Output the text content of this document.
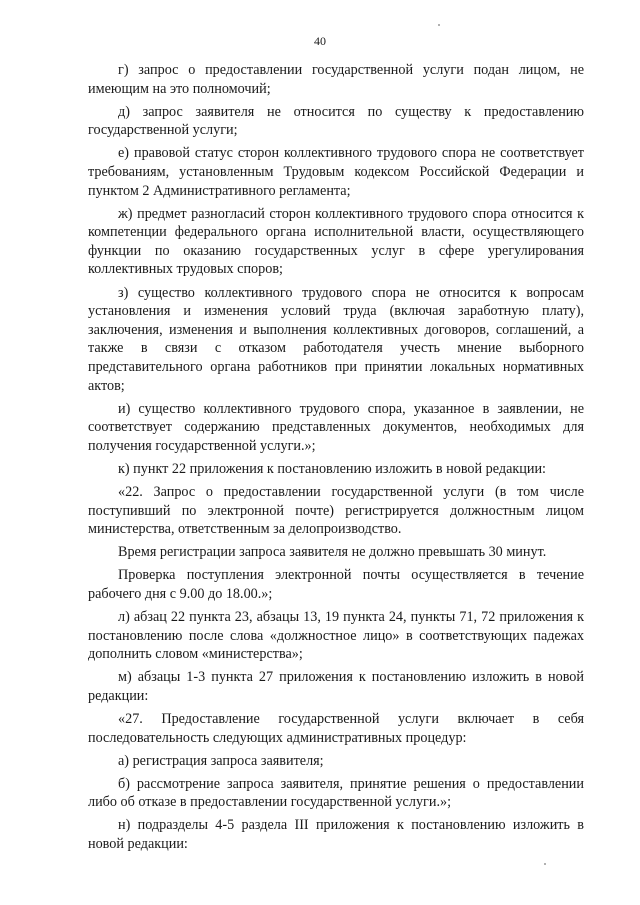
40

г) запрос о предоставлении государственной услуги подан лицом, не имеющим на это полномочий;

д) запрос заявителя не относится по существу к предоставлению государственной услуги;

е) правовой статус сторон коллективного трудового спора не соответствует требованиям, установленным Трудовым кодексом Российской Федерации и пунктом 2 Административного регламента;

ж) предмет разногласий сторон коллективного трудового спора относится к компетенции федерального органа исполнительной власти, осуществляющего функции по оказанию государственных услуг в сфере урегулирования коллективных трудовых споров;

з) существо коллективного трудового спора не относится к вопросам установления и изменения условий труда (включая заработную плату), заключения, изменения и выполнения коллективных договоров, соглашений, а также в связи с отказом работодателя учесть мнение выборного представительного органа работников при принятии локальных нормативных актов;

и) существо коллективного трудового спора, указанное в заявлении, не соответствует содержанию представленных документов, необходимых для получения государственной услуги.»;

к) пункт 22 приложения к постановлению изложить в новой редакции:

«22. Запрос о предоставлении государственной услуги (в том числе поступивший по электронной почте) регистрируется должностным лицом министерства, ответственным за делопроизводство.

Время регистрации запроса заявителя не должно превышать 30 минут.

Проверка поступления электронной почты осуществляется в течение рабочего дня с 9.00 до 18.00.»;

л) абзац 22 пункта 23, абзацы 13, 19 пункта 24, пункты 71, 72 приложения к постановлению после слова «должностное лицо» в соответствующих падежах дополнить словом «министерства»;

м) абзацы 1-3 пункта 27 приложения к постановлению изложить в новой редакции:

«27. Предоставление государственной услуги включает в себя последовательность следующих административных процедур:

а) регистрация запроса заявителя;

б) рассмотрение запроса заявителя, принятие решения о предоставлении либо об отказе в предоставлении государственной услуги.»;

н) подразделы 4-5 раздела III приложения к постановлению изложить в новой редакции:
